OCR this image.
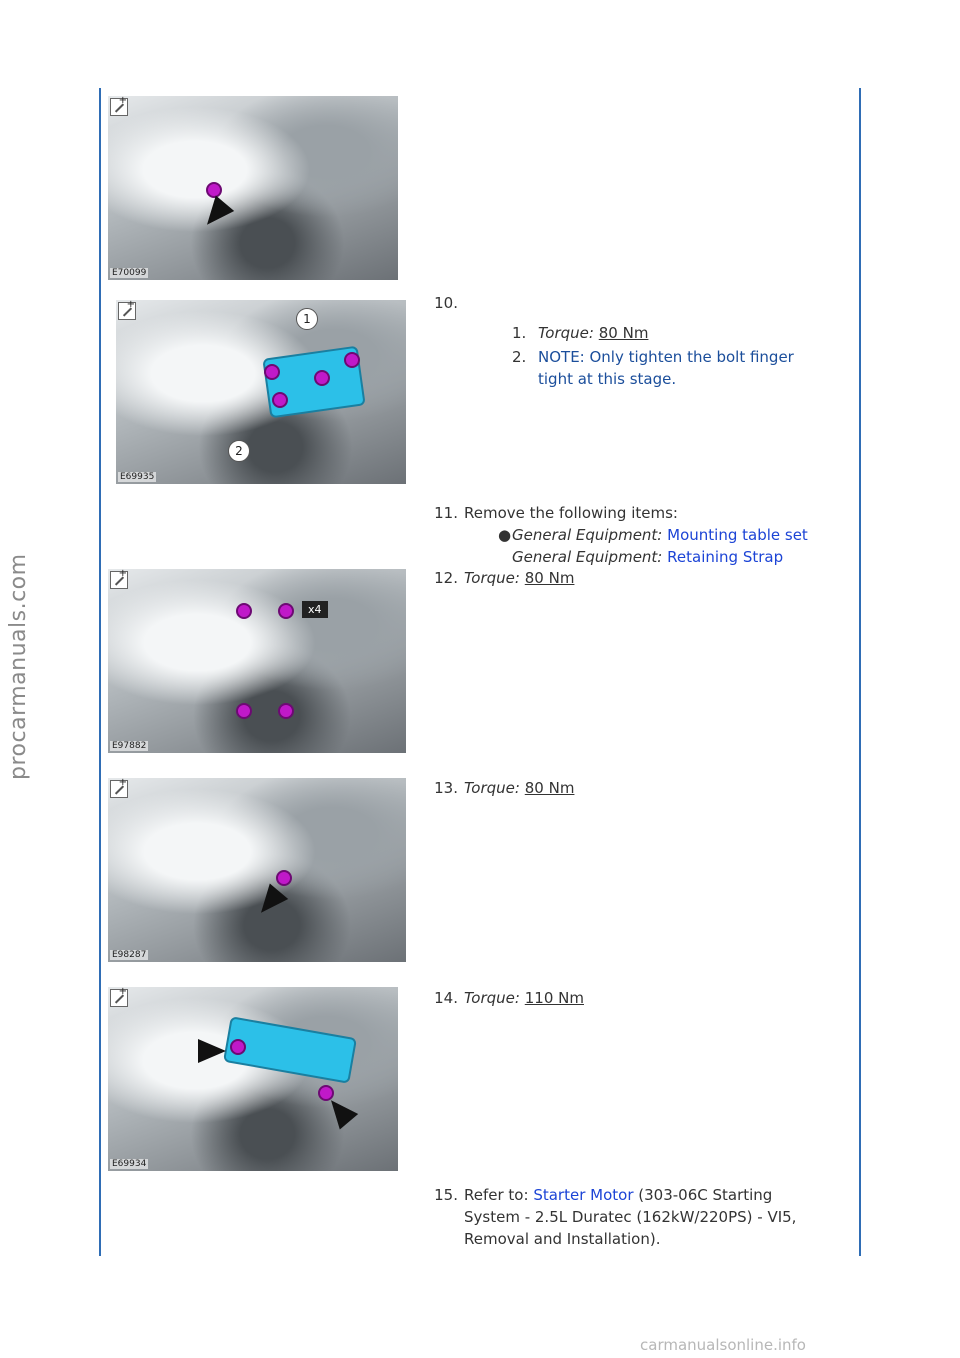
procarmanuals.com
carmanualsonline.info
+
E70099
+
1
2
E69935
+
x4
E97882
+
E98287
+
E69934
10.
1. Torque: 80 Nm
2. NOTE: Only tighten the bolt finger tight at this stage.
11. Remove the following items:
● General Equipment: Mounting table set
General Equipment: Retaining Strap
12. Torque: 80 Nm
13. Torque: 80 Nm
14. Torque: 110 Nm
15. Refer to: Starter Motor (303-06C Starting System - 2.5L Duratec (162kW/220PS) - VI5, Removal and Installation).
